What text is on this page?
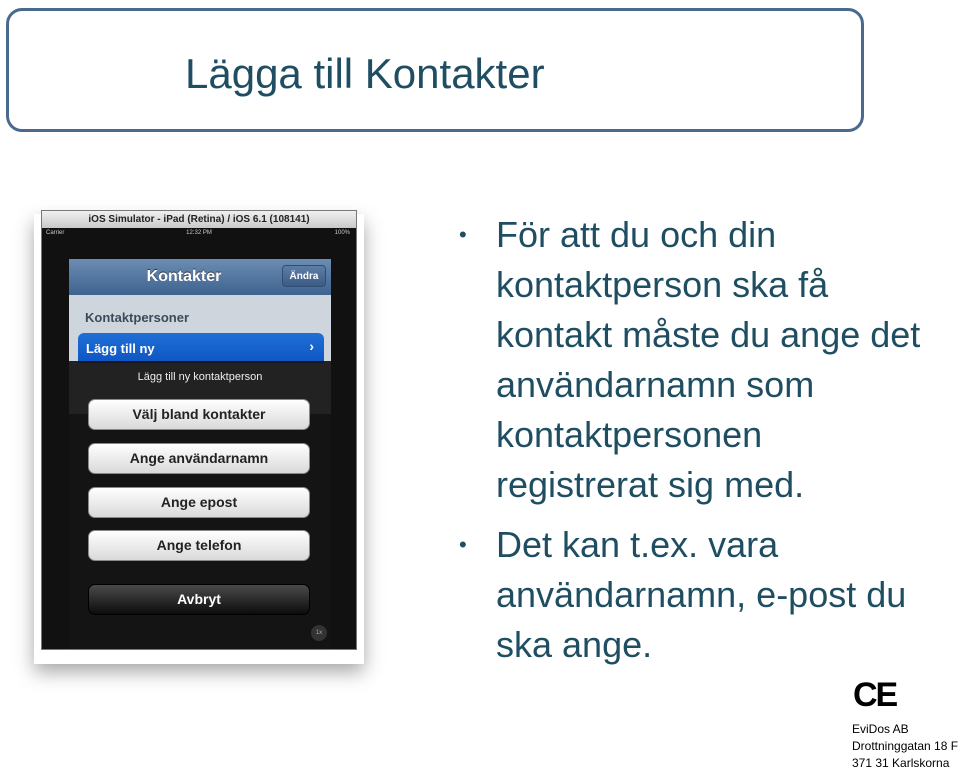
Lägga till Kontakter
iOS Simulator - iPad (Retina) / iOS 6.1 (108141)
Carrier	12:32 PM	100%
Kontakter	Ändra
Kontaktpersoner
Lägg till ny	›
Lägg till ny kontaktperson
Välj bland kontakter
Ange användarnamn
Ange epost
Ange telefon
Avbryt
1x
• För att du och din kontaktperson ska få kontakt måste du ange det användarnamn som kontaktpersonen registrerat sig med.
• Det kan t.ex. vara användarnamn, e-post du ska ange.
CE
EviDos AB
Drottninggatan 18 F
371 31 Karlskorna
